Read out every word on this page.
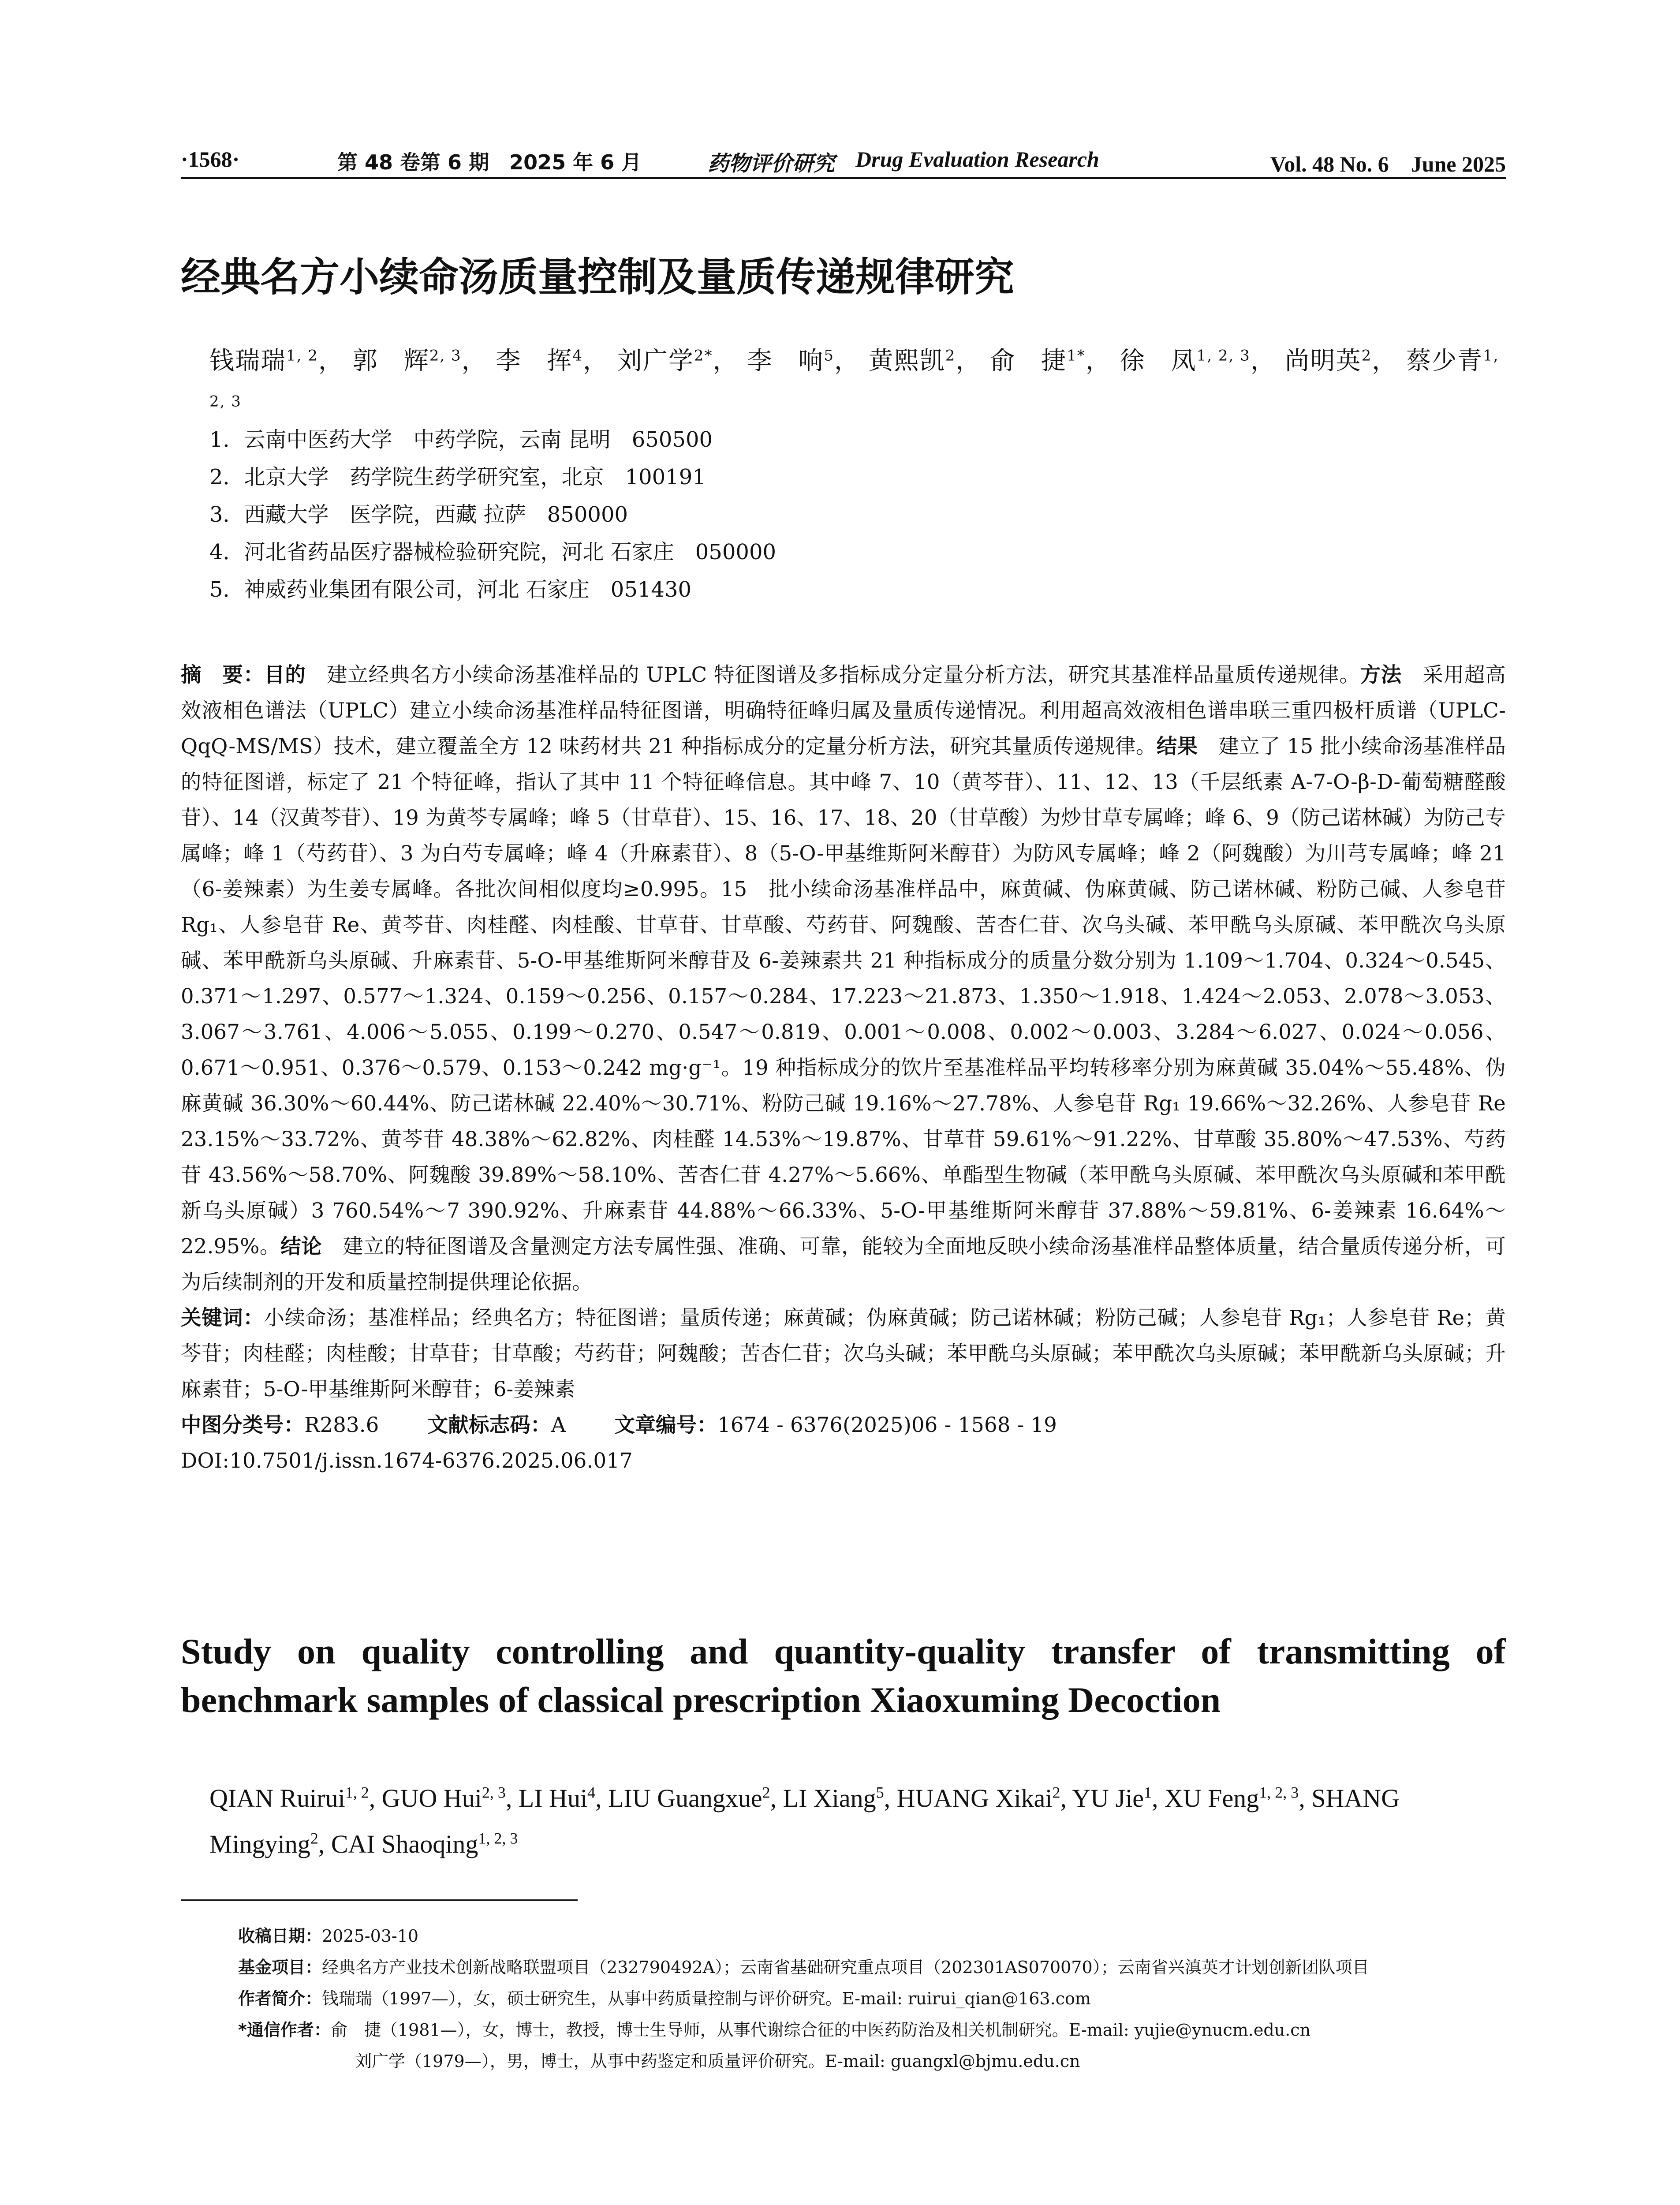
·1568·	第 48 卷第 6 期　2025 年 6 月	药物评价研究 Drug Evaluation Research	Vol. 48 No. 6　June 2025
经典名方小续命汤质量控制及量质传递规律研究
钱瑞瑞$^{1, 2}$， 郭　辉$^{2, 3}$， 李　挥$^4$， 刘广学$^{2*}$， 李　响$^5$， 黄熙凯$^2$， 俞　捷$^{1*}$， 徐　凤$^{1, 2, 3}$， 尚明英$^2$， 蔡少青$^{1, 2, 3}$
1．云南中医药大学　中药学院，云南 昆明　650500
2．北京大学　药学院生药学研究室，北京　100191
3．西藏大学　医学院，西藏 拉萨　850000
4．河北省药品医疗器械检验研究院，河北 石家庄　050000
5．神威药业集团有限公司，河北 石家庄　051430

摘　要：目的　建立经典名方小续命汤基准样品的 UPLC 特征图谱及多指标成分定量分析方法，研究其基准样品量质传递规律。方法　采用超高效液相色谱法（UPLC）建立小续命汤基准样品特征图谱，明确特征峰归属及量质传递情况。利用超高效液相色谱串联三重四极杆质谱（UPLC-QqQ-MS/MS）技术，建立覆盖全方 12 味药材共 21 种指标成分的定量分析方法，研究其量质传递规律。结果　建立了 15 批小续命汤基准样品的特征图谱，标定了 21 个特征峰，指认了其中 11 个特征峰信息。其中峰 7、10（黄芩苷）、11、12、13（千层纸素 A-7-O-β-D-葡萄糖醛酸苷）、14（汉黄芩苷）、19 为黄芩专属峰；峰 5（甘草苷）、15、16、17、18、20（甘草酸）为炒甘草专属峰；峰 6、9（防己诺林碱）为防己专属峰；峰 1（芍药苷）、3 为白芍专属峰；峰 4（升麻素苷）、8（5-O-甲基维斯阿米醇苷）为防风专属峰；峰 2（阿魏酸）为川芎专属峰；峰 21（6-姜辣素）为生姜专属峰。各批次间相似度均≥0.995。15　批小续命汤基准样品中，麻黄碱、伪麻黄碱、防己诺林碱、粉防己碱、人参皂苷 Rg₁、人参皂苷 Re、黄芩苷、肉桂醛、肉桂酸、甘草苷、甘草酸、芍药苷、阿魏酸、苦杏仁苷、次乌头碱、苯甲酰乌头原碱、苯甲酰次乌头原碱、苯甲酰新乌头原碱、升麻素苷、5-O-甲基维斯阿米醇苷及 6-姜辣素共 21 种指标成分的质量分数分别为 1.109～1.704、0.324～0.545、0.371～1.297、0.577～1.324、0.159～0.256、0.157～0.284、17.223～21.873、1.350～1.918、1.424～2.053、2.078～3.053、3.067～3.761、4.006～5.055、0.199～0.270、0.547～0.819、0.001～0.008、0.002～0.003、3.284～6.027、0.024～0.056、0.671～0.951、0.376～0.579、0.153～0.242 mg·g⁻¹。19 种指标成分的饮片至基准样品平均转移率分别为麻黄碱 35.04%～55.48%、伪麻黄碱 36.30%～60.44%、防己诺林碱 22.40%～30.71%、粉防己碱 19.16%～27.78%、人参皂苷 Rg₁ 19.66%～32.26%、人参皂苷 Re 23.15%～33.72%、黄芩苷 48.38%～62.82%、肉桂醛 14.53%～19.87%、甘草苷 59.61%～91.22%、甘草酸 35.80%～47.53%、芍药苷 43.56%～58.70%、阿魏酸 39.89%～58.10%、苦杏仁苷 4.27%～5.66%、单酯型生物碱（苯甲酰乌头原碱、苯甲酰次乌头原碱和苯甲酰新乌头原碱）3 760.54%～7 390.92%、升麻素苷 44.88%～66.33%、5-O-甲基维斯阿米醇苷 37.88%～59.81%、6-姜辣素 16.64%～22.95%。结论　建立的特征图谱及含量测定方法专属性强、准确、可靠，能较为全面地反映小续命汤基准样品整体质量，结合量质传递分析，可为后续制剂的开发和质量控制提供理论依据。

关键词：小续命汤；基准样品；经典名方；特征图谱；量质传递；麻黄碱；伪麻黄碱；防己诺林碱；粉防己碱；人参皂苷 Rg₁；人参皂苷 Re；黄芩苷；肉桂醛；肉桂酸；甘草苷；甘草酸；芍药苷；阿魏酸；苦杏仁苷；次乌头碱；苯甲酰乌头原碱；苯甲酰次乌头原碱；苯甲酰新乌头原碱；升麻素苷；5-O-甲基维斯阿米醇苷；6-姜辣素

中图分类号：R283.6 文献标志码：A 文章编号：1674 - 6376(2025)06 - 1568 - 19

DOI:10.7501/j.issn.1674-6376.2025.06.017

Study on quality controlling and quantity-quality transfer of transmitting of benchmark samples of classical prescription Xiaoxuming Decoction
QIAN Ruirui$^{1, 2}$, GUO Hui$^{2, 3}$, LI Hui$^4$, LIU Guangxue$^2$, LI Xiang$^5$, HUANG Xikai$^2$, YU Jie$^1$, XU Feng$^{1, 2, 3}$, SHANG Mingying$^2$, CAI Shaoqing$^{1, 2, 3}$
收稿日期：2025-03-10
基金项目：经典名方产业技术创新战略联盟项目（232790492A）；云南省基础研究重点项目（202301AS070070）；云南省兴滇英才计划创新团队项目
作者简介：钱瑞瑞（1997—），女，硕士研究生，从事中药质量控制与评价研究。E-mail: ruirui_qian@163.com
*通信作者：俞　捷（1981—），女，博士，教授，博士生导师，从事代谢综合征的中医药防治及相关机制研究。E-mail: yujie@ynucm.edu.cn
刘广学（1979—），男，博士，从事中药鉴定和质量评价研究。E-mail: guangxl@bjmu.edu.cn
